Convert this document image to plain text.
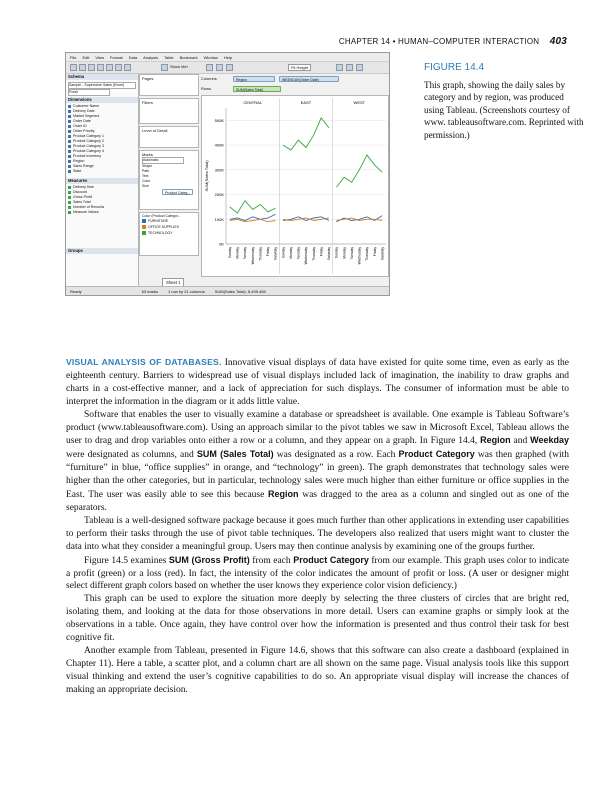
CHAPTER 14 • HUMAN–COMPUTER INTERACTION 403
File Edit View Format Data Analysis Table Bookmark Window Help
Show Me!	Fit Height
Schema
Sample - Superstore Sales (Excel)
Fresh
Dimensions
Customer Name
Delivery Date
Market Segment
Order Date
Order ID
Order Priority
Product Category 1
Product Category 2
Product Category 3
Product Category 4
Product Inventory
Region
Sales Range
State
Measures
Delivery time
Discount
Gross Profit
Sales Total
Number of Records
Measure Values
Groups
Pages
Filters
Level of Detail
Marks
Automatic
Shape
Path
Text
Color
Size
Product Categ...
Color (Product Categor...
FURNITURE
OFFICE SUPPLIES
TECHNOLOGY
Columns	Region	WEEKDAY(Order Date)
Rows	SUM(Sales Total)
SUM(Sales Total)
0K
100K
200K
300K
400K
500K
CENTRAL
Sunday Monday Tuesday Wednesday Thursday Friday Saturday
EAST
Sunday Monday Tuesday Wednesday Thursday Friday Saturday
WEST
Sunday Monday Tuesday Wednesday Thursday Friday Saturday
Sheet 1
Ready	63 marks	1 row by 21 columns	SUM(Sales Total): 8,499,465
FIGURE 14.4
This graph, showing the daily sales by category and by region, was produced using Tableau. (Screenshots courtesy of www. tableausoftware.com. Reprinted with permission.)

VISUAL ANALYSIS OF DATABASES. Innovative visual displays of data have existed for quite some time, even as early as the eighteenth century. Barriers to widespread use of visual displays included lack of imagination, the inability to draw graphs and charts in a cost-effective manner, and a lack of appreciation for such displays. The consumer of information must be able to interpret the information in the diagram or it adds little value.

Software that enables the user to visually examine a database or spreadsheet is available. One example is Tableau Software’s product (www.tableausoftware.com). Using an approach similar to the pivot tables we saw in Microsoft Excel, Tableau allows the user to drag and drop variables onto either a row or a column, and they appear on a graph. In Figure 14.4, Region and Weekday were designated as columns, and SUM (Sales Total) was designated as a row. Each Product Category was then graphed (with “furniture” in blue, “office supplies” in orange, and “technology” in green). The graph demonstrates that technology sales were higher than the other categories, but in particular, technology sales were much higher than either furniture or office supplies in the East. The user was easily able to see this because Region was dragged to the area as a column and singled out as one of the separators.

Tableau is a well-designed software package because it goes much further than other applications in extending user capabilities to perform their tasks through the use of pivot table techniques. The developers also realized that users might want to cluster the data into what they consider a meaningful group. Users may then continue analysis by examining one of the groups further.

Figure 14.5 examines SUM (Gross Profit) from each Product Category from our example. This graph uses color to indicate a profit (green) or a loss (red). In fact, the intensity of the color indicates the amount of profit or loss. (A user or designer might select different graph colors based on whether the user knows they experience color vision deficiency.)

This graph can be used to explore the situation more deeply by selecting the three clusters of circles that are bright red, isolating them, and looking at the data for those observations in more detail. Users can examine graphs or simply look at the observations in a table. Once again, they have control over how the information is presented and thus control their task for best cognitive fit.

Another example from Tableau, presented in Figure 14.6, shows that this software can also create a dashboard (explained in Chapter 11). Here a table, a scatter plot, and a column chart are all shown on the same page. Visual analysis tools like this support visual thinking and extend the user’s cognitive capabilities to do so. An appropriate visual display will increase the chances of making an appropriate decision.
